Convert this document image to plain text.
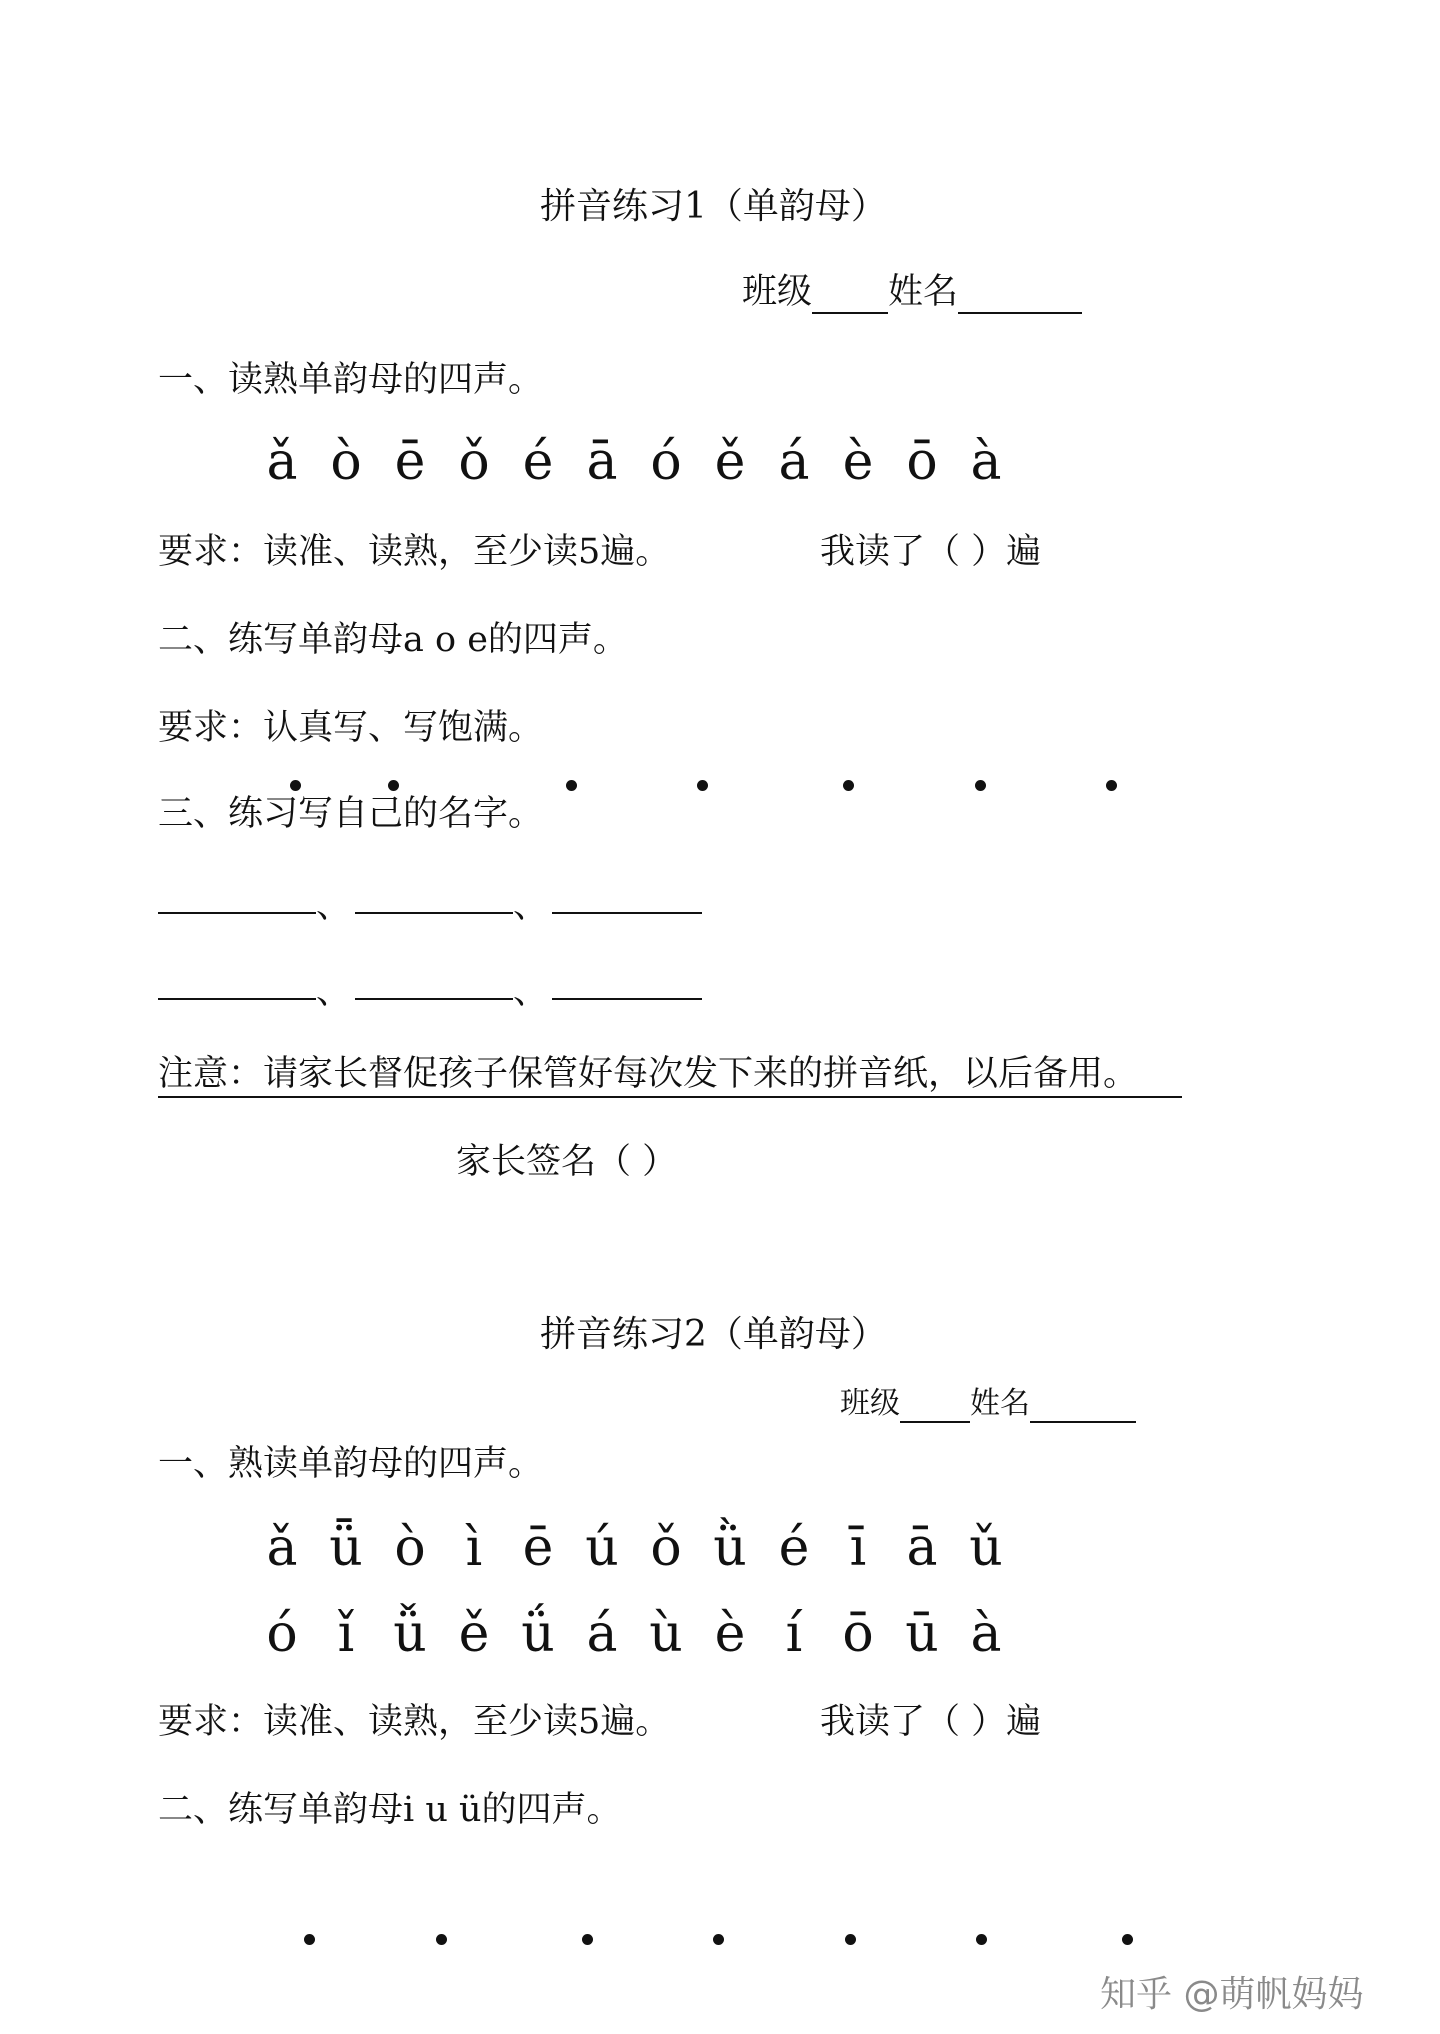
拼音练习1（单韵母）
班级 姓名
一、读熟单韵母的四声。
ǎ ò ē ǒ é ā ó ě á è ō à
要求：读准、读熟，至少读5遍。	我读了（ ）遍
二、练写单韵母a o e的四声。
要求：认真写、写饱满。
三、练习写自己的名字。
、	、
、	、
注意：请家长督促孩子保管好每次发下来的拼音纸，以后备用。
家长签名（ ）
拼音练习2（单韵母）
班级 姓名
一、熟读单韵母的四声。
ǎ ǖ ò ì ē ú ǒ ǜ é ī ā ǔ
ó ǐ ǚ ě ǘ á ù è í ō ū à
要求：读准、读熟，至少读5遍。	我读了（ ）遍
二、练写单韵母i u ü的四声。
知乎 @萌帆妈妈
